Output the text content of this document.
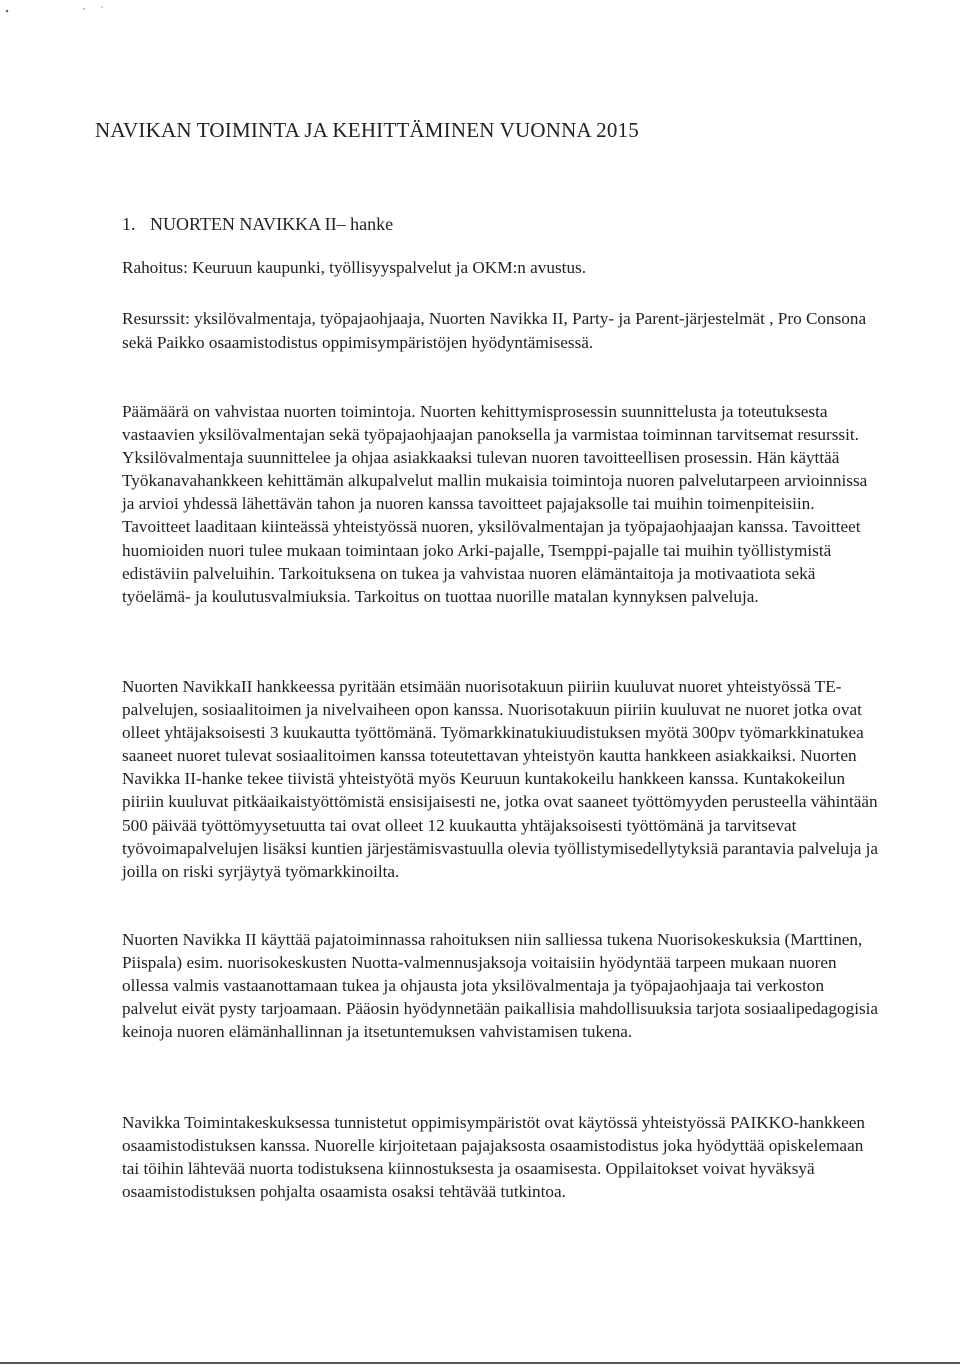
NAVIKAN TOIMINTA JA KEHITTÄMINEN VUONNA 2015
1. NUORTEN NAVIKKA II– hanke

Rahoitus: Keuruun kaupunki, työllisyyspalvelut ja OKM:n avustus.

Resurssit: yksilövalmentaja, työpajaohjaaja, Nuorten Navikka II, Party- ja Parent-järjestelmät , Pro Consona sekä Paikko osaamistodistus oppimisympäristöjen hyödyntämisessä.

Päämäärä on vahvistaa nuorten toimintoja. Nuorten kehittymisprosessin suunnittelusta ja toteutuksesta vastaavien yksilövalmentajan sekä työpajaohjaajan panoksella ja varmistaa toiminnan tarvitsemat resurssit. Yksilövalmentaja suunnittelee ja ohjaa asiakkaaksi tulevan nuoren tavoitteellisen prosessin. Hän käyttää Työkanavahankkeen kehittämän alkupalvelut mallin mukaisia toimintoja nuoren palvelutarpeen arvioinnissa ja arvioi yhdessä lähettävän tahon ja nuoren kanssa tavoitteet pajajaksolle tai muihin toimenpiteisiin. Tavoitteet laaditaan kiinteässä yhteistyössä nuoren, yksilövalmentajan ja työpajaohjaajan kanssa. Tavoitteet huomioiden nuori tulee mukaan toimintaan joko Arki-pajalle, Tsemppi-pajalle tai muihin työllistymistä edistäviin palveluihin. Tarkoituksena on tukea ja vahvistaa nuoren elämäntaitoja ja motivaatiota sekä työelämä- ja koulutusvalmiuksia. Tarkoitus on tuottaa nuorille matalan kynnyksen palveluja.

Nuorten NavikkaII hankkeessa pyritään etsimään nuorisotakuun piiriin kuuluvat nuoret yhteistyössä TE-palvelujen, sosiaalitoimen ja nivelvaiheen opon kanssa. Nuorisotakuun piiriin kuuluvat ne nuoret jotka ovat olleet yhtäjaksoisesti 3 kuukautta työttömänä. Työmarkkinatukiuudistuksen myötä 300pv työmarkkinatukea saaneet nuoret tulevat sosiaalitoimen kanssa toteutettavan yhteistyön kautta hankkeen asiakkaiksi. Nuorten Navikka II-hanke tekee tiivistä yhteistyötä myös Keuruun kuntakokeilu hankkeen kanssa. Kuntakokeilun piiriin kuuluvat pitkäaikaistyöttömistä ensisijaisesti ne, jotka ovat saaneet työttömyyden perusteella vähintään 500 päivää työttömyysetuutta tai ovat olleet 12 kuukautta yhtäjaksoisesti työttömänä ja tarvitsevat työvoimapalvelujen lisäksi kuntien järjestämisvastuulla olevia työllistymisedellytyksiä parantavia palveluja ja joilla on riski syrjäytyä työmarkkinoilta.

Nuorten Navikka II käyttää pajatoiminnassa rahoituksen niin salliessa tukena Nuorisokeskuksia (Marttinen, Piispala) esim. nuorisokeskusten Nuotta-valmennusjaksoja voitaisiin hyödyntää tarpeen mukaan nuoren ollessa valmis vastaanottamaan tukea ja ohjausta jota yksilövalmentaja ja työpajaohjaaja tai verkoston palvelut eivät pysty tarjoamaan. Pääosin hyödynnetään paikallisia mahdollisuuksia tarjota sosiaalipedagogisia keinoja nuoren elämänhallinnan ja itsetuntemuksen vahvistamisen tukena.

Navikka Toimintakeskuksessa tunnistetut oppimisympäristöt ovat käytössä yhteistyössä PAIKKO-hankkeen osaamistodistuksen kanssa. Nuorelle kirjoitetaan pajajaksosta osaamistodistus joka hyödyttää opiskelemaan tai töihin lähtevää nuorta todistuksena kiinnostuksesta ja osaamisesta. Oppilaitokset voivat hyväksyä osaamistodistuksen pohjalta osaamista osaksi tehtävää tutkintoa.
